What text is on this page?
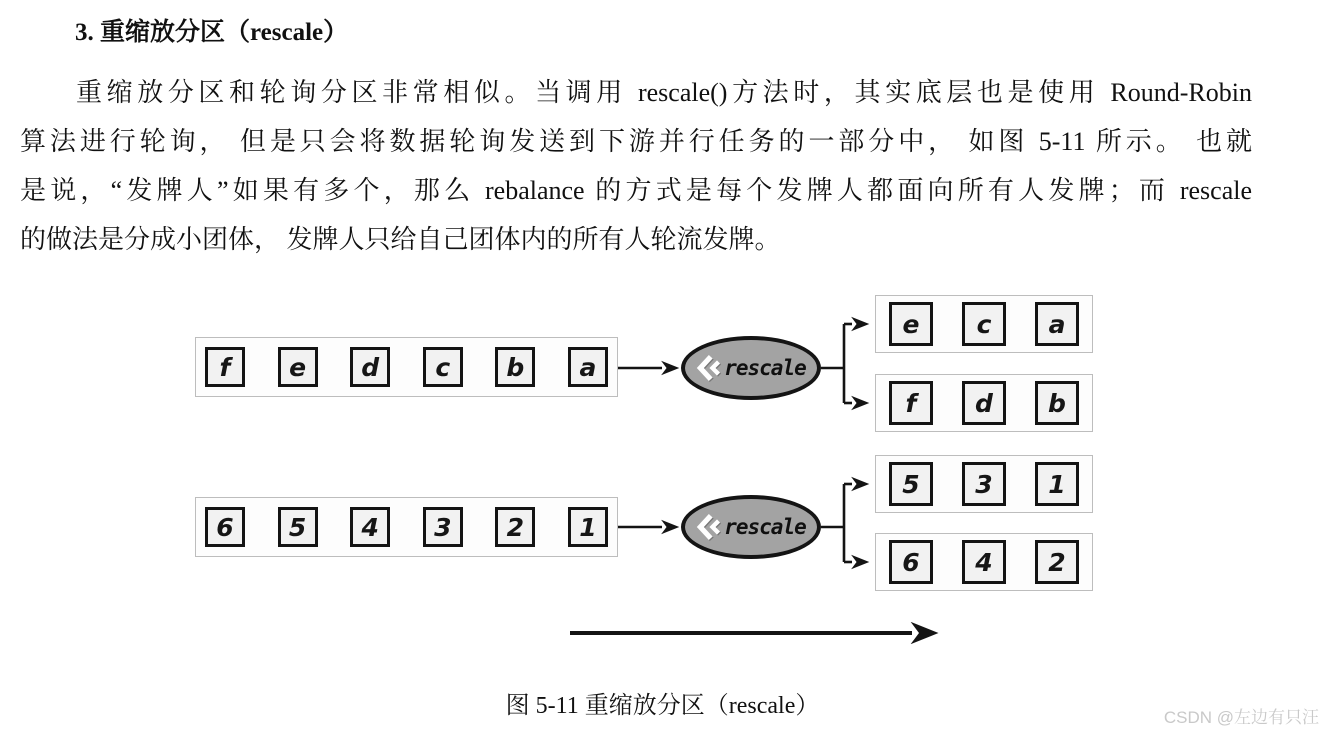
3. 重缩放分区（rescale）
重缩放分区和轮询分区非常相似。当调用 rescale()方法时，其实底层也是使用 Round-Robin
算法进行轮询， 但是只会将数据轮询发送到下游并行任务的一部分中， 如图 5-11 所示。 也就
是说，“发牌人”如果有多个，那么 rebalance 的方式是每个发牌人都面向所有人发牌；而 rescale
的做法是分成小团体， 发牌人只给自己团体内的所有人轮流发牌。
f	e	d	c	b	a	rescale
e	c	a
f	d	b
6	5	4	3	2	1	rescale
5	3	1
6	4	2
图 5-11 重缩放分区（rescale）	CSDN @左边有只汪
